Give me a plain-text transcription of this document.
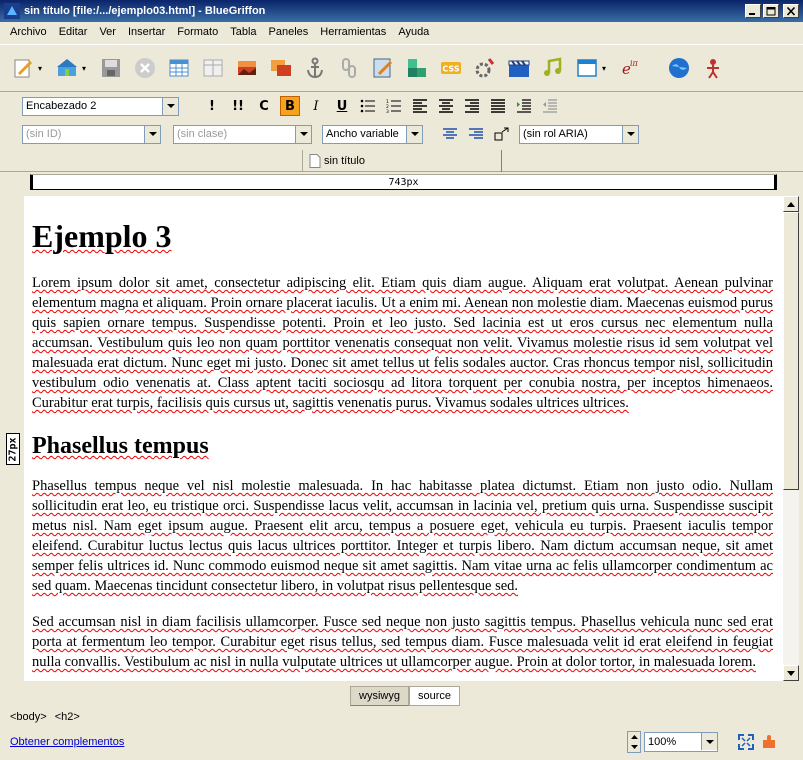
sin título [file:/.../ejemplo03.html] - BlueGriffon
Archivo	Editar	Ver	Insertar	Formato	Tabla	Paneles	Herramientas	Ayuda
▾	▾	CSS	▾ e iπ
Encabezado 2	!	!!	C	B	I	U	1
2
3
(sin ID)	(sin clase)	Ancho variable	(sin rol ARIA)
sin título
743px
27px
Ejemplo 3

Lorem ipsum dolor sit amet, consectetur adipiscing elit. Etiam quis diam augue. Aliquam erat volutpat. Aenean pulvinar elementum magna et aliquam. Proin ornare placerat iaculis. Ut a enim mi. Aenean non molestie diam. Maecenas euismod purus quis sapien ornare tempus. Suspendisse potenti. Proin et leo justo. Sed lacinia est ut eros cursus nec elementum nulla accumsan. Vestibulum quis leo non quam porttitor venenatis consequat non velit. Vivamus molestie risus id sem volutpat vel malesuada erat dictum. Nunc eget mi justo. Donec sit amet tellus ut felis sodales auctor. Cras rhoncus tempor nisl, sollicitudin vestibulum odio venenatis at. Class aptent taciti sociosqu ad litora torquent per conubia nostra, per inceptos himenaeos. Curabitur erat turpis, facilisis quis cursus ut, sagittis venenatis purus. Vivamus sodales ultrices ultrices.

Phasellus tempus

Phasellus tempus neque vel nisl molestie malesuada. In hac habitasse platea dictumst. Etiam non justo odio. Nullam sollicitudin erat leo, eu tristique orci. Suspendisse lacus velit, accumsan in lacinia vel, pretium quis urna. Suspendisse suscipit metus nisl. Nam eget ipsum augue. Praesent elit arcu, tempus a posuere eget, vehicula eu turpis. Praesent iaculis tempor eleifend. Curabitur luctus lectus quis lacus ultrices porttitor. Integer et turpis libero. Nam dictum accumsan neque, sit amet semper felis ultrices id. Nunc commodo euismod neque sit amet sagittis. Nam vitae urna ac felis ullamcorper condimentum ac sed quam. Maecenas tincidunt consectetur libero, in volutpat risus pellentesque sed.

Sed accumsan nisl in diam facilisis ullamcorper. Fusce sed neque non justo sagittis tempus. Phasellus vehicula nunc sed erat porta at fermentum leo tempor. Curabitur eget risus tellus, sed tempus diam. Fusce malesuada velit id erat eleifend in feugiat nulla convallis. Vestibulum ac nisl in nulla vulputate ultrices ut ullamcorper augue. Proin at dolor tortor, in malesuada lorem.

wysiwyg	source
<body> <h2>
Obtener complementos	100%
